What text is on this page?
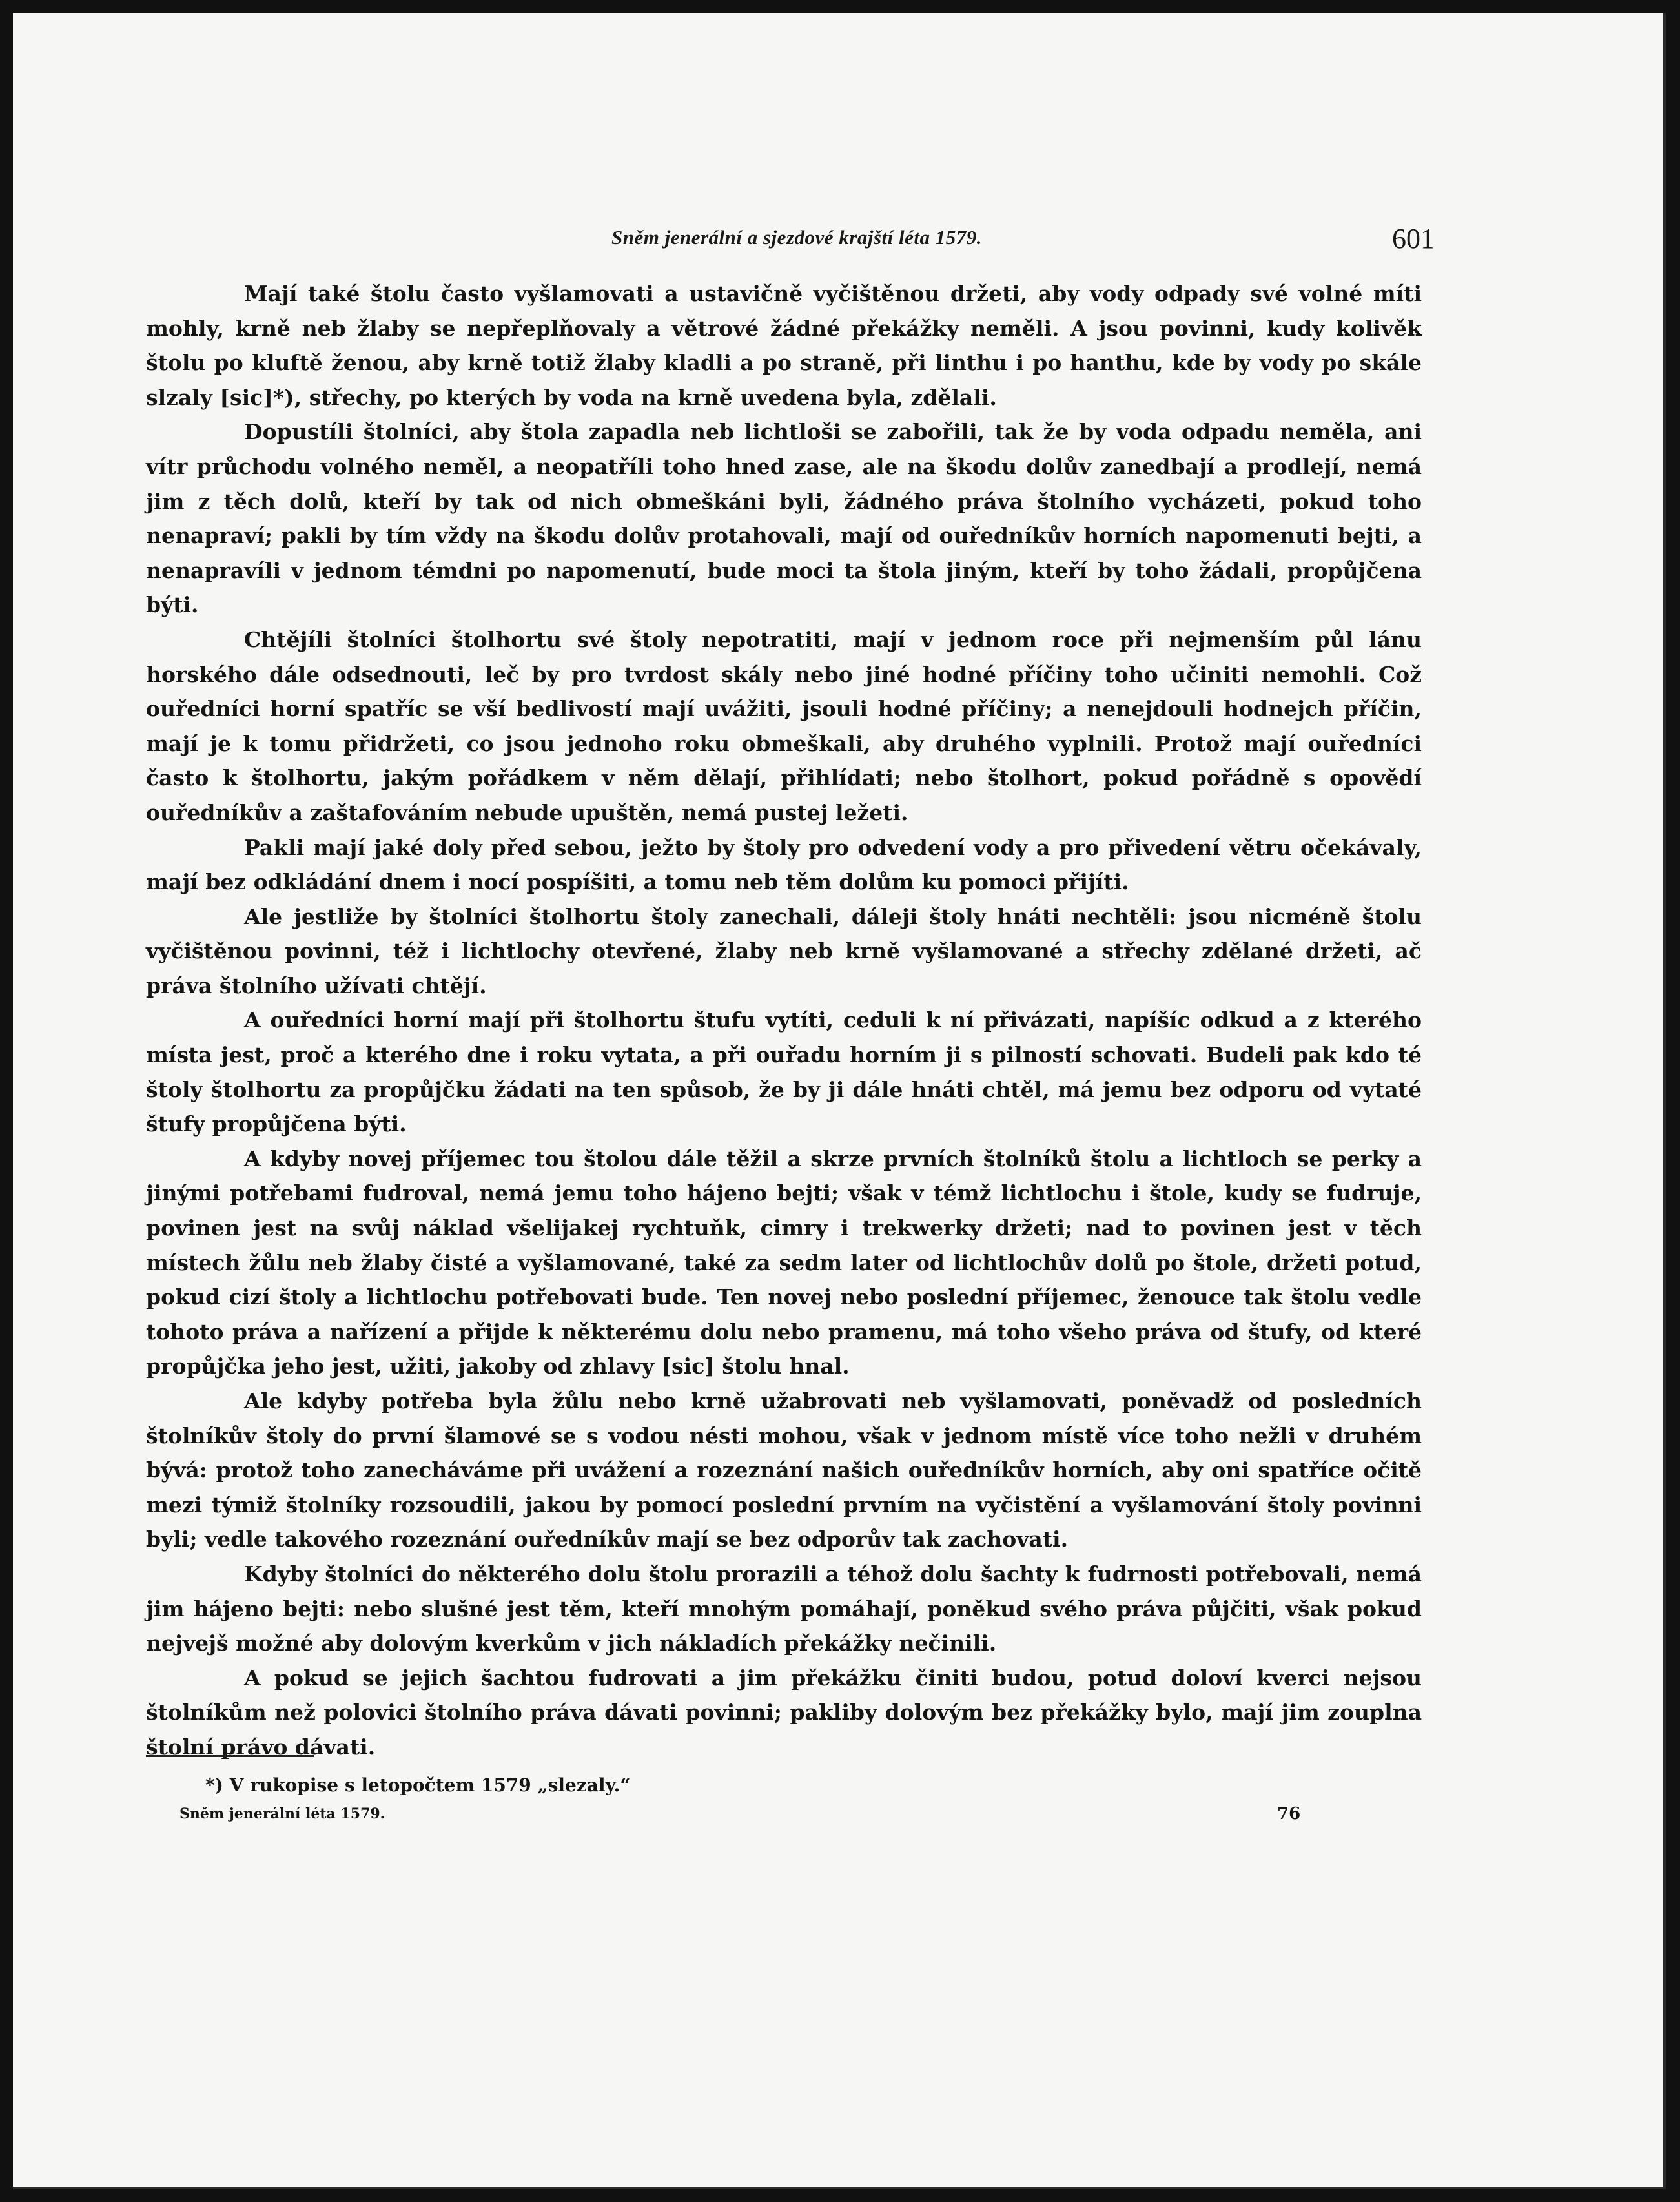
Sněm jenerální a sjezdové krajští léta 1579.	601

Mají také štolu často vyšlamovati a ustavičně vyčištěnou držeti, aby vody odpady své volné míti mohly, krně neb žlaby se nepřeplňovaly a větrové žádné překážky neměli. A jsou povinni, kudy kolivěk štolu po kluftě ženou, aby krně totiž žlaby kladli a po straně, při linthu i po hanthu, kde by vody po skále slzaly [sic]*), střechy, po kterých by voda na krně uvedena byla, zdělali.

Dopustíli štolníci, aby štola zapadla neb lichtloši se zabořili, tak že by voda odpadu neměla, ani vítr průchodu volného neměl, a neopatříli toho hned zase, ale na škodu dolův zanedbají a prodlejí, nemá jim z těch dolů, kteří by tak od nich obmeškáni byli, žádného práva štolního vycházeti, pokud toho nenapraví; pakli by tím vždy na škodu dolův protahovali, mají od ouředníkův horních napomenuti bejti, a nenapravíli v jednom témdni po napomenutí, bude moci ta štola jiným, kteří by toho žádali, propůjčena býti.

Chtějíli štolníci štolhortu své štoly nepotratiti, mají v jednom roce při nejmenším půl lánu horského dále odsednouti, leč by pro tvrdost skály nebo jiné hodné příčiny toho učiniti nemohli. Což ouředníci horní spatříc se vší bedlivostí mají uvážiti, jsouli hodné příčiny; a nenejdouli hodnejch příčin, mají je k tomu přidržeti, co jsou jednoho roku obmeškali, aby druhého vyplnili. Protož mají ouředníci často k štolhortu, jakým pořádkem v něm dělají, přihlídati; nebo štolhort, pokud pořádně s opovědí ouředníkův a zaštafováním nebude upuštěn, nemá pustej ležeti.

Pakli mají jaké doly před sebou, ježto by štoly pro odvedení vody a pro přivedení větru očekávaly, mají bez odkládání dnem i nocí pospíšiti, a tomu neb těm dolům ku pomoci přijíti.

Ale jestliže by štolníci štolhortu štoly zanechali, dáleji štoly hnáti nechtěli: jsou nicméně štolu vyčištěnou povinni, též i lichtlochy otevřené, žlaby neb krně vyšlamované a střechy zdělané držeti, ač práva štolního užívati chtějí.

A ouředníci horní mají při štolhortu štufu vytíti, ceduli k ní přivázati, napíšíc odkud a z kterého místa jest, proč a kterého dne i roku vytata, a při ouřadu horním ji s pilností schovati. Budeli pak kdo té štoly štolhortu za propůjčku žádati na ten spůsob, že by ji dále hnáti chtěl, má jemu bez odporu od vytaté štufy propůjčena býti.

A kdyby novej příjemec tou štolou dále těžil a skrze prvních štolníků štolu a lichtloch se perky a jinými potřebami fudroval, nemá jemu toho hájeno bejti; však v témž lichtlochu i štole, kudy se fudruje, povinen jest na svůj náklad všelijakej rychtuňk, cimry i trekwerky držeti; nad to povinen jest v těch místech žůlu neb žlaby čisté a vyšlamované, také za sedm later od lichtlochův dolů po štole, držeti potud, pokud cizí štoly a lichtlochu potřebovati bude. Ten novej nebo poslední příjemec, ženouce tak štolu vedle tohoto práva a nařízení a přijde k některému dolu nebo pramenu, má toho všeho práva od štufy, od které propůjčka jeho jest, užiti, jakoby od zhlavy [sic] štolu hnal.

Ale kdyby potřeba byla žůlu nebo krně užabrovati neb vyšlamovati, poněvadž od posledních štolníkův štoly do první šlamové se s vodou nésti mohou, však v jednom místě více toho nežli v druhém bývá: protož toho zanecháváme při uvážení a rozeznání našich ouředníkův horních, aby oni spatříce očitě mezi týmiž štolníky rozsoudili, jakou by pomocí poslední prvním na vyčistění a vyšlamování štoly povinni byli; vedle takového rozeznání ouředníkův mají se bez odporův tak zachovati.

Kdyby štolníci do některého dolu štolu prorazili a téhož dolu šachty k fudrnosti potřebovali, nemá jim hájeno bejti: nebo slušné jest těm, kteří mnohým pomáhají, poněkud svého práva půjčiti, však pokud nejvejš možné aby dolovým kverkům v jich nákladích překážky nečinili.

A pokud se jejich šachtou fudrovati a jim překážku činiti budou, potud doloví kverci nejsou štolníkům než polovici štolního práva dávati povinni; pakliby dolovým bez překážky bylo, mají jim zouplna štolní právo dávati.

*) V rukopise s letopočtem 1579 „slezaly.“
Sněm jenerální léta 1579.	76
